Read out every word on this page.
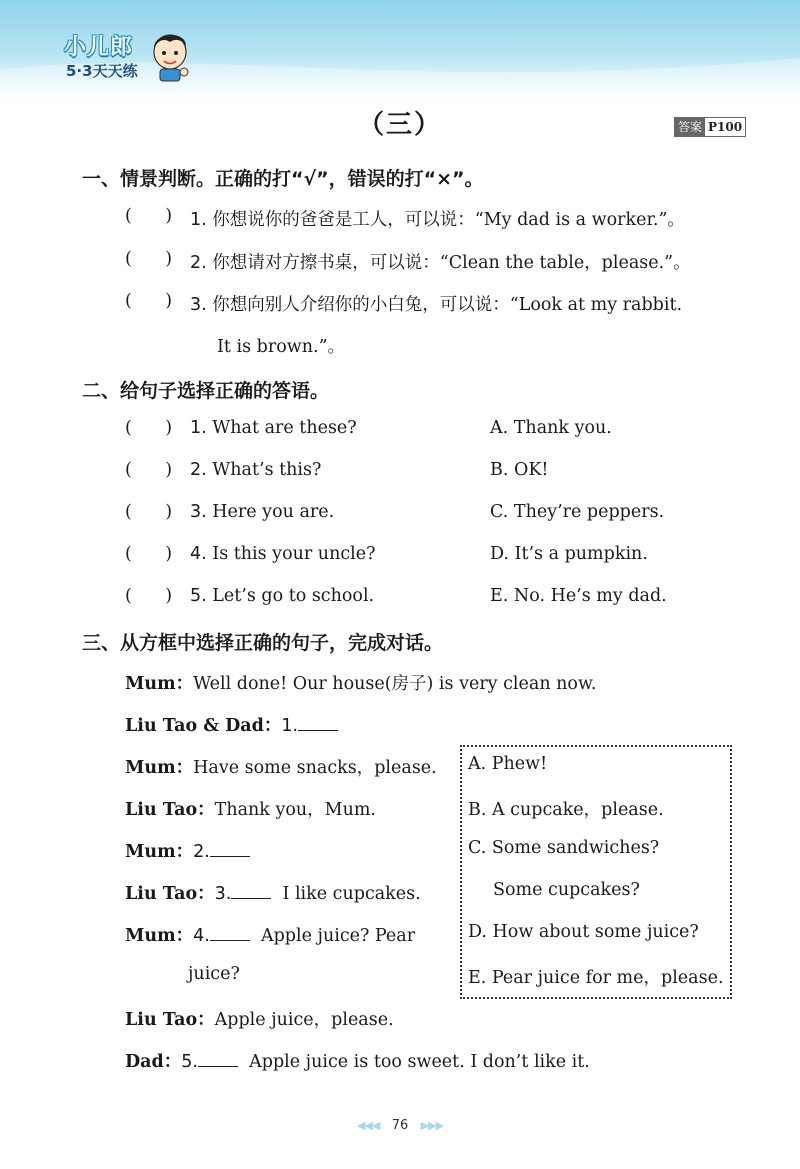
小儿郎
5·3天天练
（三）	答案 P100
一、情景判断。正确的打“√”，错误的打“×”。
(      ) 1. 你想说你的爸爸是工人，可以说：“My dad is a worker.”。
(      ) 2. 你想请对方擦书桌，可以说：“Clean the table，please.”。
(      ) 3. 你想向别人介绍你的小白兔，可以说：“Look at my rabbit.
It is brown.”。
二、给句子选择正确的答语。
(      ) 1. What are these?	A. Thank you.
(      ) 2. What’s this?	B. OK!
(      ) 3. Here you are.	C. They’re peppers.
(      ) 4. Is this your uncle?	D. It’s a pumpkin.
(      ) 5. Let’s go to school.	E. No. He’s my dad.
三、从方框中选择正确的句子，完成对话。
Mum：Well done! Our house(房子) is very clean now.
Liu Tao & Dad：1.
Mum：Have some snacks，please.
Liu Tao：Thank you，Mum.
Mum：2.
Liu Tao：3.	I like cupcakes.
Mum：4.	Apple juice? Pear
juice?
Liu Tao：Apple juice，please.
Dad：5.	Apple juice is too sweet. I don’t like it.
A. Phew!
B. A cupcake，please.
C. Some sandwiches?
Some cupcakes?
D. How about some juice?
E. Pear juice for me，please.
◀◀◀ 76 ▶▶▶
